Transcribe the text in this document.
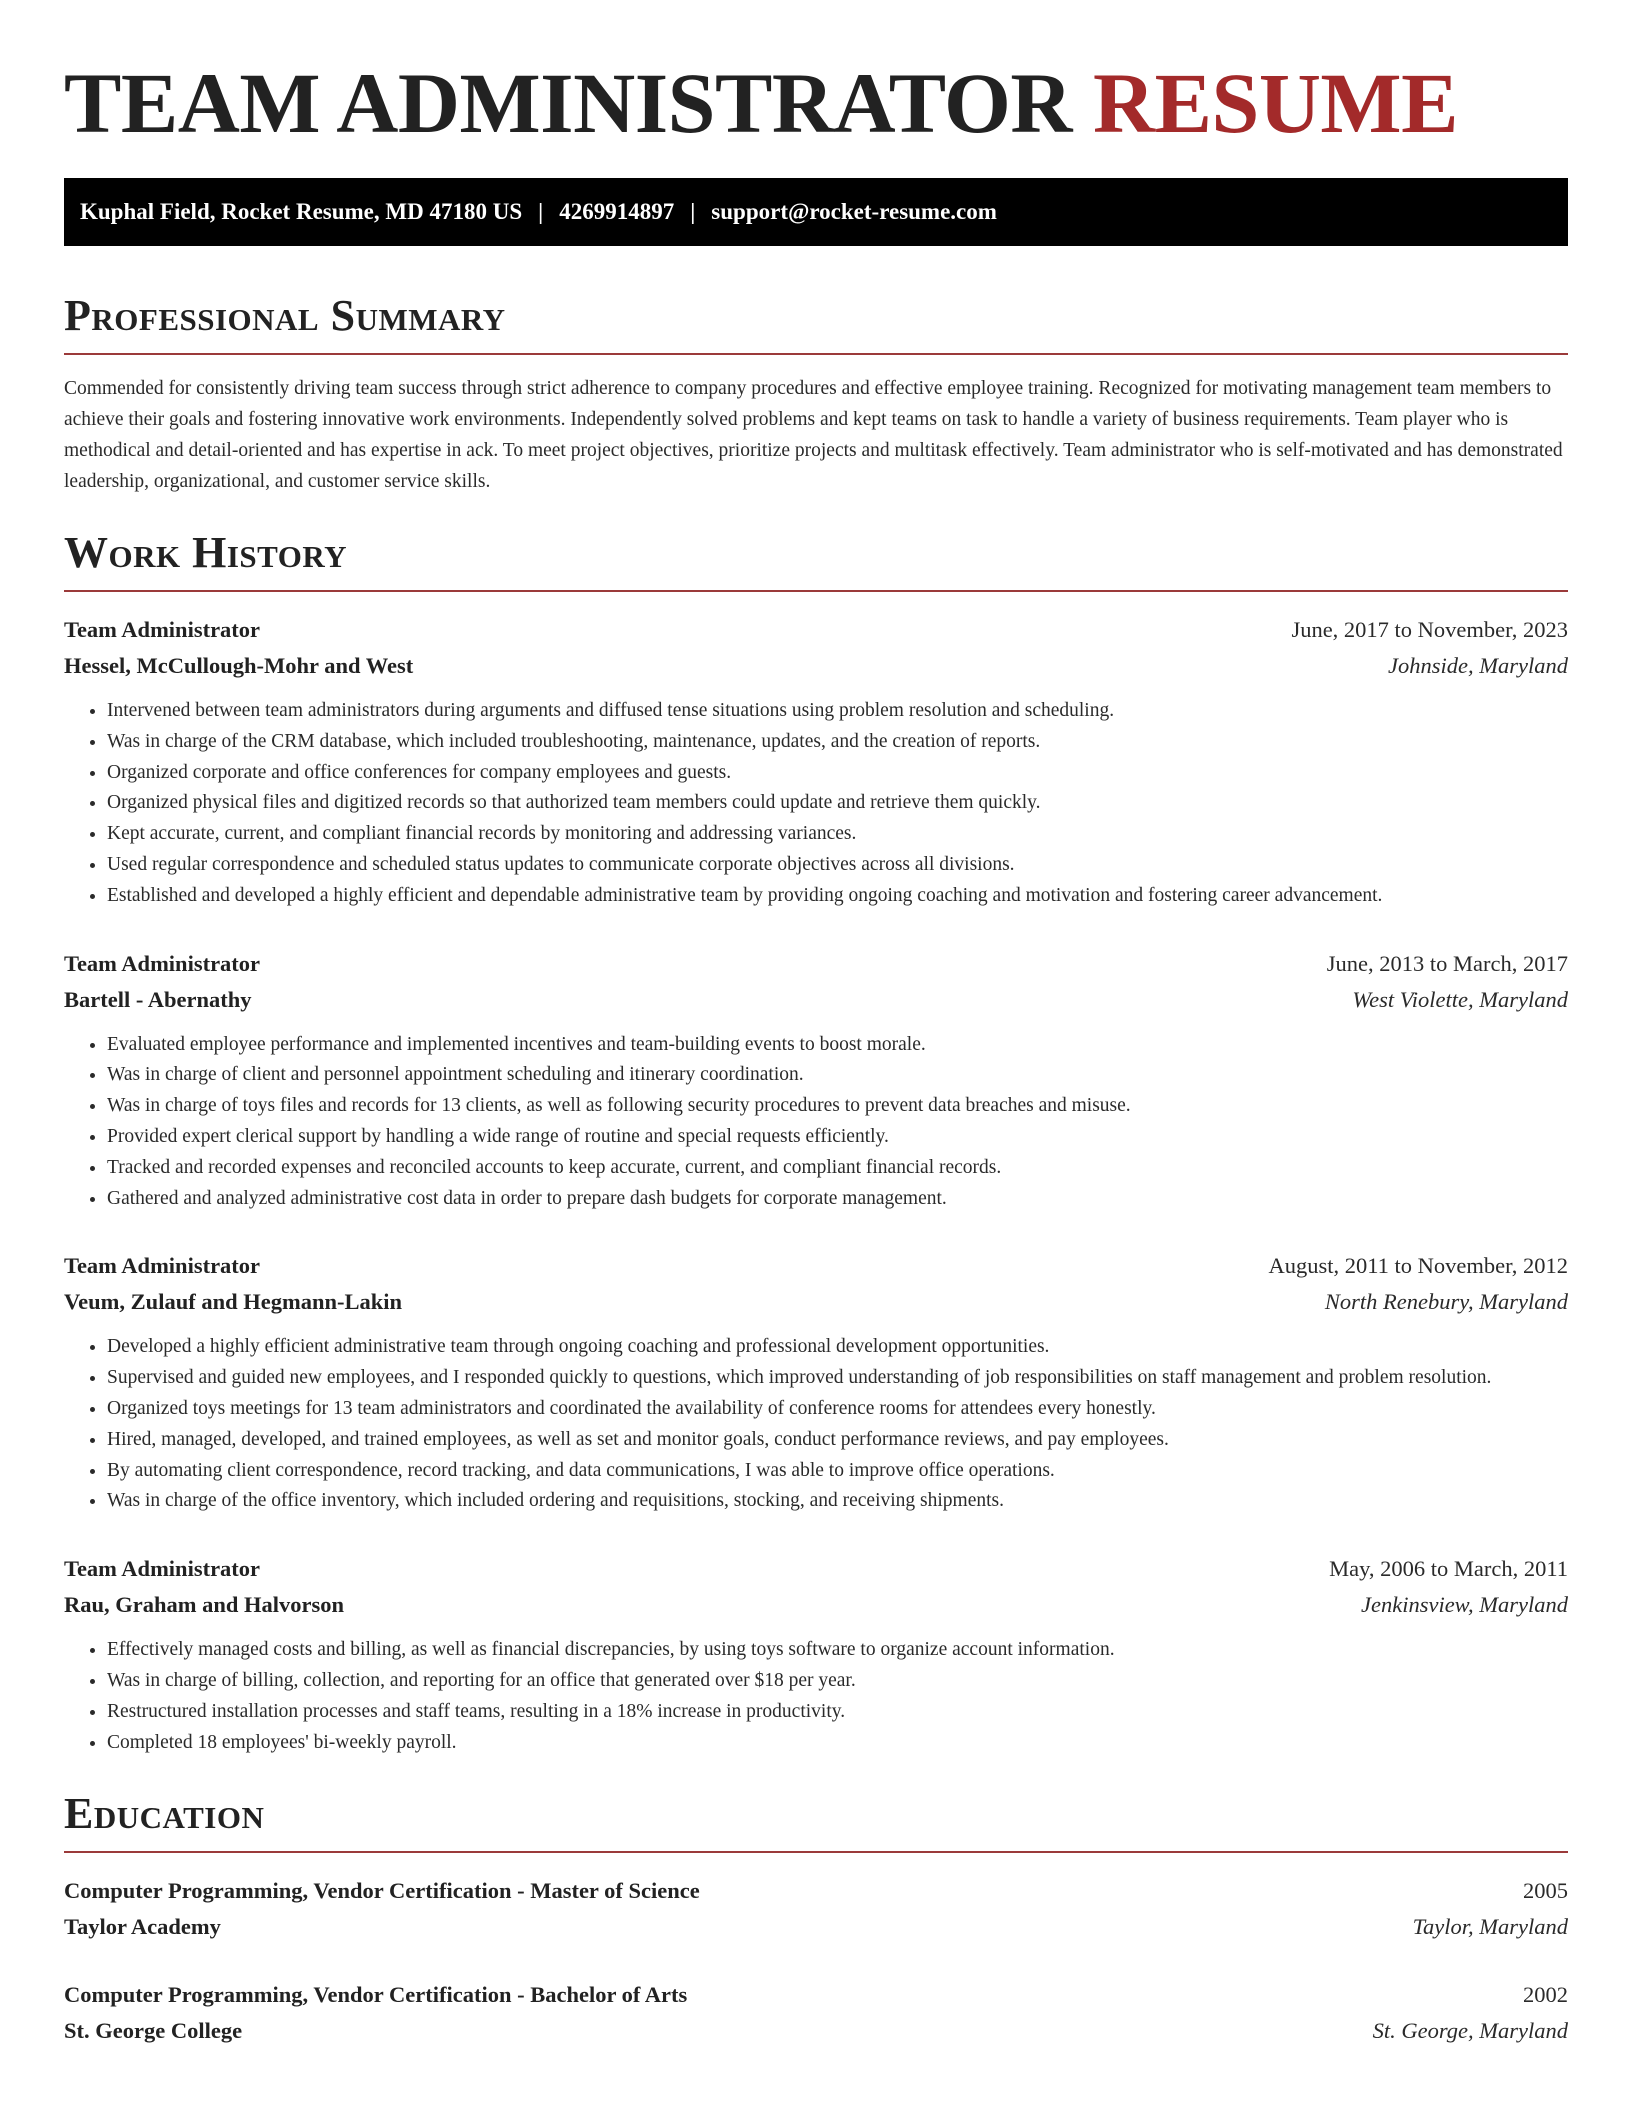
TEAM ADMINISTRATOR RESUME
Kuphal Field, Rocket Resume, MD 47180 US | 4269914897 | support@rocket-resume.com
Professional Summary

Commended for consistently driving team success through strict adherence to company procedures and effective employee training. Recognized for motivating management team members to achieve their goals and fostering innovative work environments. Independently solved problems and kept teams on task to handle a variety of business requirements. Team player who is methodical and detail-oriented and has expertise in ack. To meet project objectives, prioritize projects and multitask effectively. Team administrator who is self-motivated and has demonstrated leadership, organizational, and customer service skills.

Work History
Team Administrator	June, 2017 to November, 2023
Hessel, McCullough-Mohr and West	Johnside, Maryland
• Intervened between team administrators during arguments and diffused tense situations using problem resolution and scheduling.
• Was in charge of the CRM database, which included troubleshooting, maintenance, updates, and the creation of reports.
• Organized corporate and office conferences for company employees and guests.
• Organized physical files and digitized records so that authorized team members could update and retrieve them quickly.
• Kept accurate, current, and compliant financial records by monitoring and addressing variances.
• Used regular correspondence and scheduled status updates to communicate corporate objectives across all divisions.
• Established and developed a highly efficient and dependable administrative team by providing ongoing coaching and motivation and fostering career advancement.
Team Administrator	June, 2013 to March, 2017
Bartell - Abernathy	West Violette, Maryland
• Evaluated employee performance and implemented incentives and team-building events to boost morale.
• Was in charge of client and personnel appointment scheduling and itinerary coordination.
• Was in charge of toys files and records for 13 clients, as well as following security procedures to prevent data breaches and misuse.
• Provided expert clerical support by handling a wide range of routine and special requests efficiently.
• Tracked and recorded expenses and reconciled accounts to keep accurate, current, and compliant financial records.
• Gathered and analyzed administrative cost data in order to prepare dash budgets for corporate management.
Team Administrator	August, 2011 to November, 2012
Veum, Zulauf and Hegmann-Lakin	North Renebury, Maryland
• Developed a highly efficient administrative team through ongoing coaching and professional development opportunities.
• Supervised and guided new employees, and I responded quickly to questions, which improved understanding of job responsibilities on staff management and problem resolution.
• Organized toys meetings for 13 team administrators and coordinated the availability of conference rooms for attendees every honestly.
• Hired, managed, developed, and trained employees, as well as set and monitor goals, conduct performance reviews, and pay employees.
• By automating client correspondence, record tracking, and data communications, I was able to improve office operations.
• Was in charge of the office inventory, which included ordering and requisitions, stocking, and receiving shipments.
Team Administrator	May, 2006 to March, 2011
Rau, Graham and Halvorson	Jenkinsview, Maryland
• Effectively managed costs and billing, as well as financial discrepancies, by using toys software to organize account information.
• Was in charge of billing, collection, and reporting for an office that generated over $18 per year.
• Restructured installation processes and staff teams, resulting in a 18% increase in productivity.
• Completed 18 employees' bi-weekly payroll.
Education
Computer Programming, Vendor Certification - Master of Science	2005
Taylor Academy	Taylor, Maryland
Computer Programming, Vendor Certification - Bachelor of Arts	2002
St. George College	St. George, Maryland
